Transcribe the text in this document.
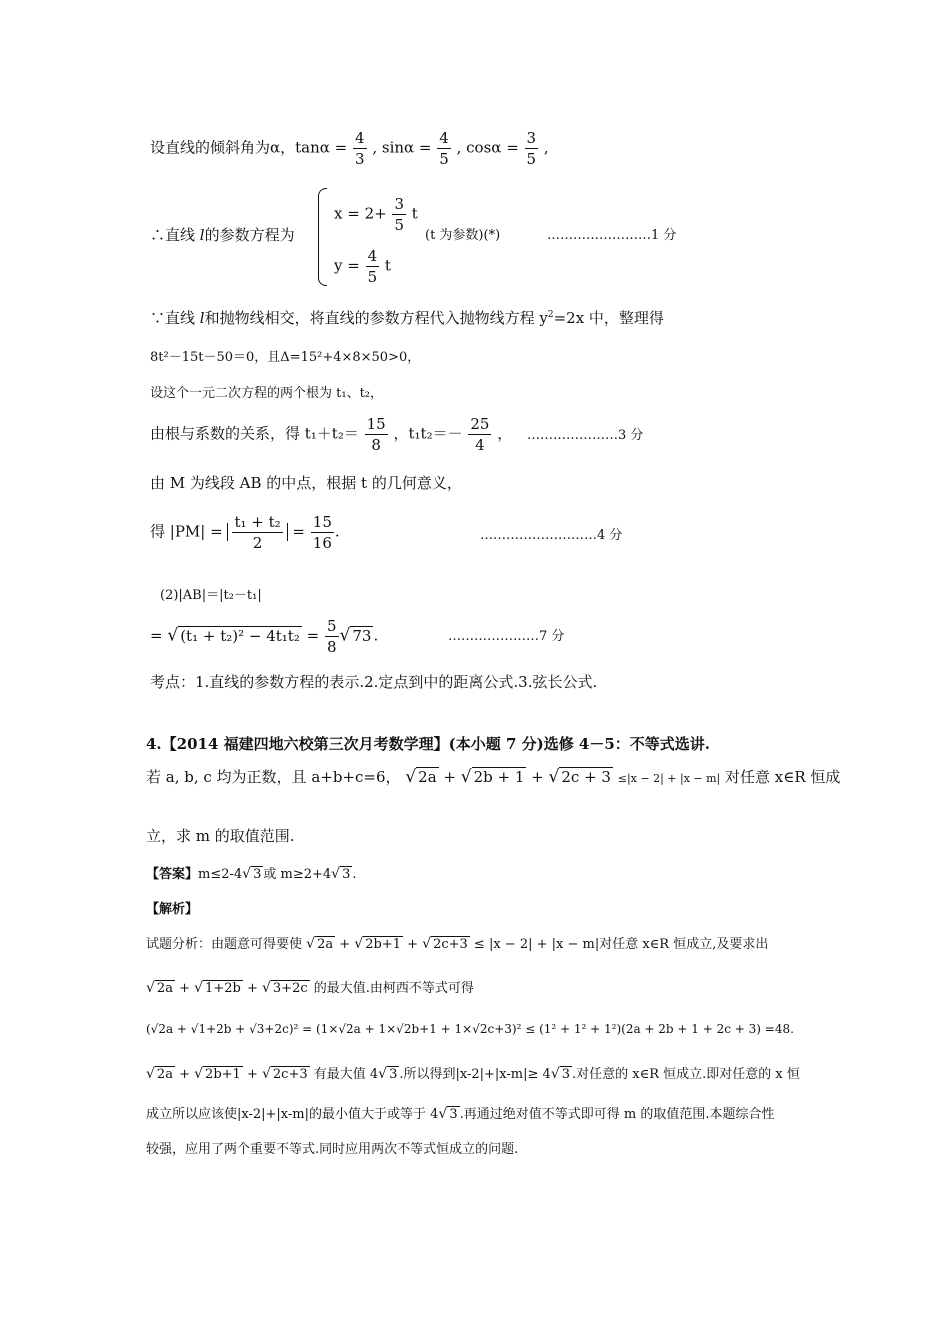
设直线的倾斜角为α，$\tan\alpha = \frac{4}{3}$ , $\sin\alpha = \frac{4}{5}$ , $\cos\alpha = \frac{3}{5}$ ,
∴直线 l的参数方程为
$x = 2+ \frac{3}{5}$ t
$y = \frac{4}{5}$ t
(t 为参数)(*)	……………………1 分
∵直线 l和抛物线相交，将直线的参数方程代入抛物线方程 $y^2=2x$ 中，整理得
8t²－15t－50＝0，且Δ=15²+4×8×50>0，
设这个一元二次方程的两个根为 t₁、t₂，
由根与系数的关系，得 $t_1+t_2= \frac{15}{8}$ ，$t_1t_2=- \frac{25}{4}$ ， …………………3 分
由 M 为线段 AB 的中点，根据 t 的几何意义，
得 $|PM| = \frac{\text{t₁ + t₂}}{2} = \frac{15}{16}$ .	………………………4 分
(2)|AB|＝|t₂－t₁|
= √ $(t_1 + t_2)^2 - 4t_1t_2 = \frac{5}{8}$ √ 73 .	…………………7 分
考点：1.直线的参数方程的表示.2.定点到中的距离公式.3.弦长公式.
4.【2014 福建四地六校第三次月考数学理】(本小题 7 分)选修 4－5：不等式选讲.
若 a, b, c 均为正数，且 a+b+c=6， √ 2a + √ 2b + 1 + √ 2c + 3 ≤|x − 2| + |x − m| 对任意 x∈R 恒成
立，求 m 的取值范围.
【答案】m≤2-4√ 3 或 m≥2+4√ 3 .
【解析】
试题分析：由题意可得要使 √ 2a + √ 2b+1 + √ 2c+3 ≤ |x − 2| + |x − m|对任意 x∈R 恒成立,及要求出
√ 2a + √ 1+2b + √ 3+2c 的最大值.由柯西不等式可得
(√2a + √1+2b + √3+2c)² = (1×√2a + 1×√2b+1 + 1×√2c+3)² ≤ (1² + 1² + 1²)(2a + 2b + 1 + 2c + 3) =48.
√ 2a + √ 2b+1 + √ 2c+3 有最大值 4√ 3 .所以得到|x-2|+|x-m|≥ 4√ 3 .对任意的 x∈R 恒成立.即对任意的 x 恒
成立所以应该使|x-2|+|x-m|的最小值大于或等于 4√ 3 .再通过绝对值不等式即可得 m 的取值范围.本题综合性
较强，应用了两个重要不等式.同时应用两次不等式恒成立的问题.
